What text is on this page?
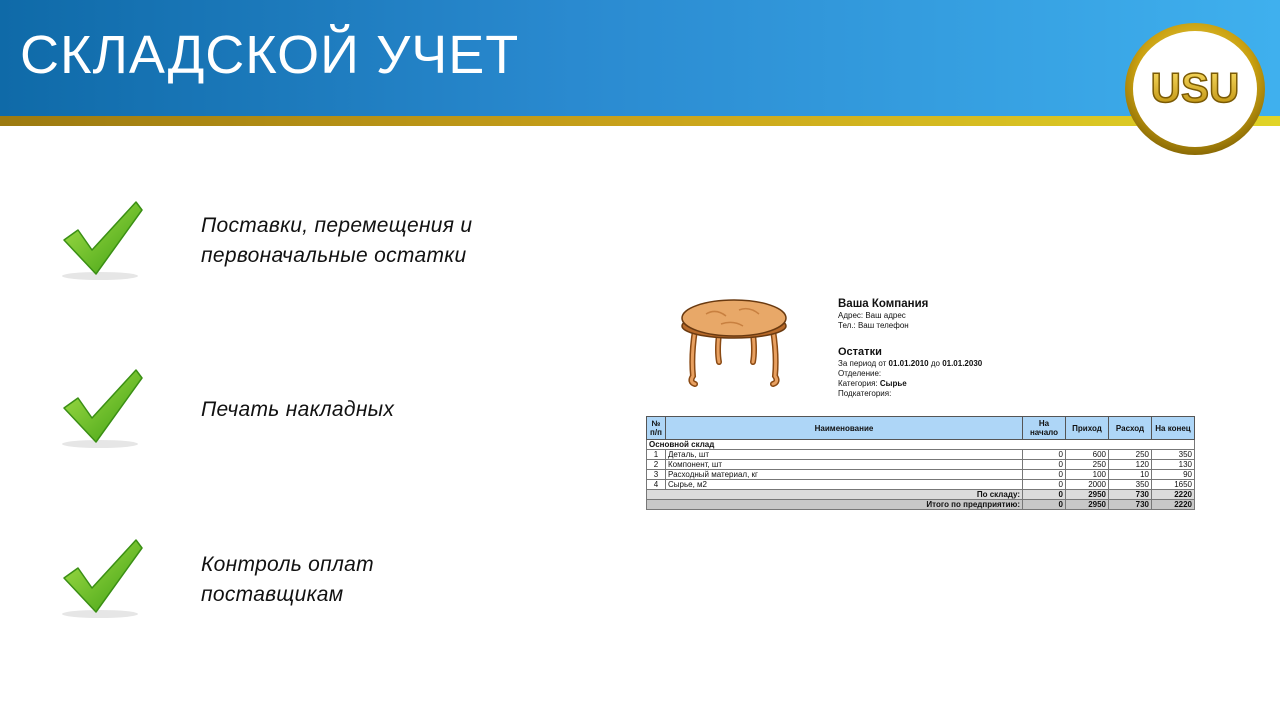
СКЛАДСКОЙ УЧЕТ
USU
Поставки, перемещения и
первоначальные остатки
Печать накладных
Контроль оплат
поставщикам
Ваша Компания
Адрес: Ваш адрес
Тел.: Ваш телефон
Остатки
За период от 01.01.2010 до 01.01.2030
Отделение:
Категория: Сырье
Подкатегория:
№ п/п	Наименование	На начало	Приход	Расход	На конец
Основной склад					
1	Деталь, шт	0	600	250	350
2	Компонент, шт	0	250	120	130
3	Расходный материал, кг	0	100	10	90
4	Сырье, м2	0	2000	350	1650
По складу:		0	2950	730	2220
Итого по предприятию:		0	2950	730	2220
